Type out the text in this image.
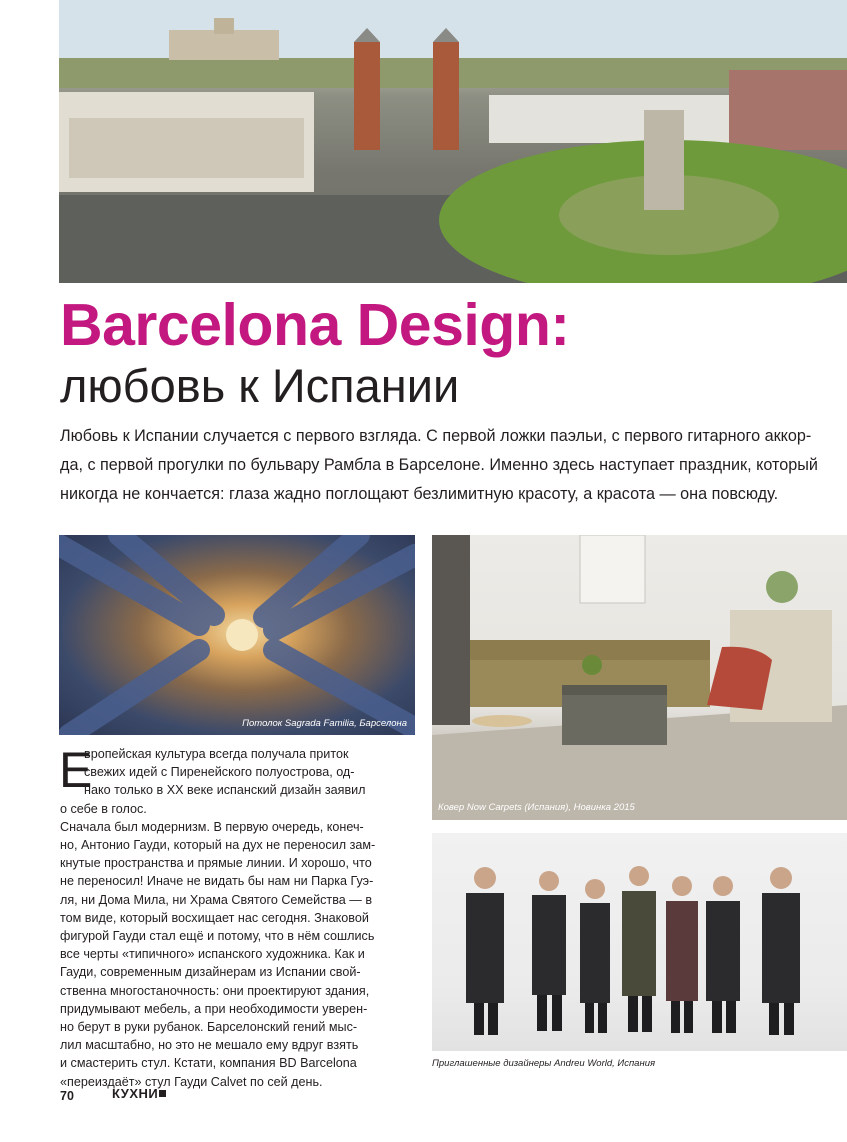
Barcelona Design:
любовь к Испании
Любовь к Испании случается с первого взгляда. С первой ложки паэльи, с первого гитарного аккор-
да, с первой прогулки по бульвару Рамбла в Барселоне. Именно здесь наступает праздник, который
никогда не кончается: глаза жадно поглощают безлимитную красоту, а красота — она повсюду.
Потолок Sagrada Familia, Барселона
Ковер Now Carpets (Испания), Новинка 2015
Е
вропейская культура всегда получала приток
свежих идей с Пиренейского полуострова, од-
нако только в XX веке испанский дизайн заявил
о себе в голос.
Сначала был модернизм. В первую очередь, конеч-
но, Антонио Гауди, который на дух не переносил зам-
кнутые пространства и прямые линии. И хорошо, что
не переносил! Иначе не видать бы нам ни Парка Гуэ-
ля, ни Дома Мила, ни Храма Святого Семейства — в
том виде, который восхищает нас сегодня. Знаковой
фигурой Гауди стал ещё и потому, что в нём сошлись
все черты «типичного» испанского художника. Как и
Гауди, современным дизайнерам из Испании свой-
ственна многостаночность: они проектируют здания,
придумывают мебель, а при необходимости уверен-
но берут в руки рубанок. Барселонский гений мыс-
лил масштабно, но это не мешало ему вдруг взять
и смастерить стул. Кстати, компания BD Barcelona
«переиздаёт» стул Гауди Calvet по сей день.
Приглашенные дизайнеры Andreu World, Испания
70	КУХНИ
